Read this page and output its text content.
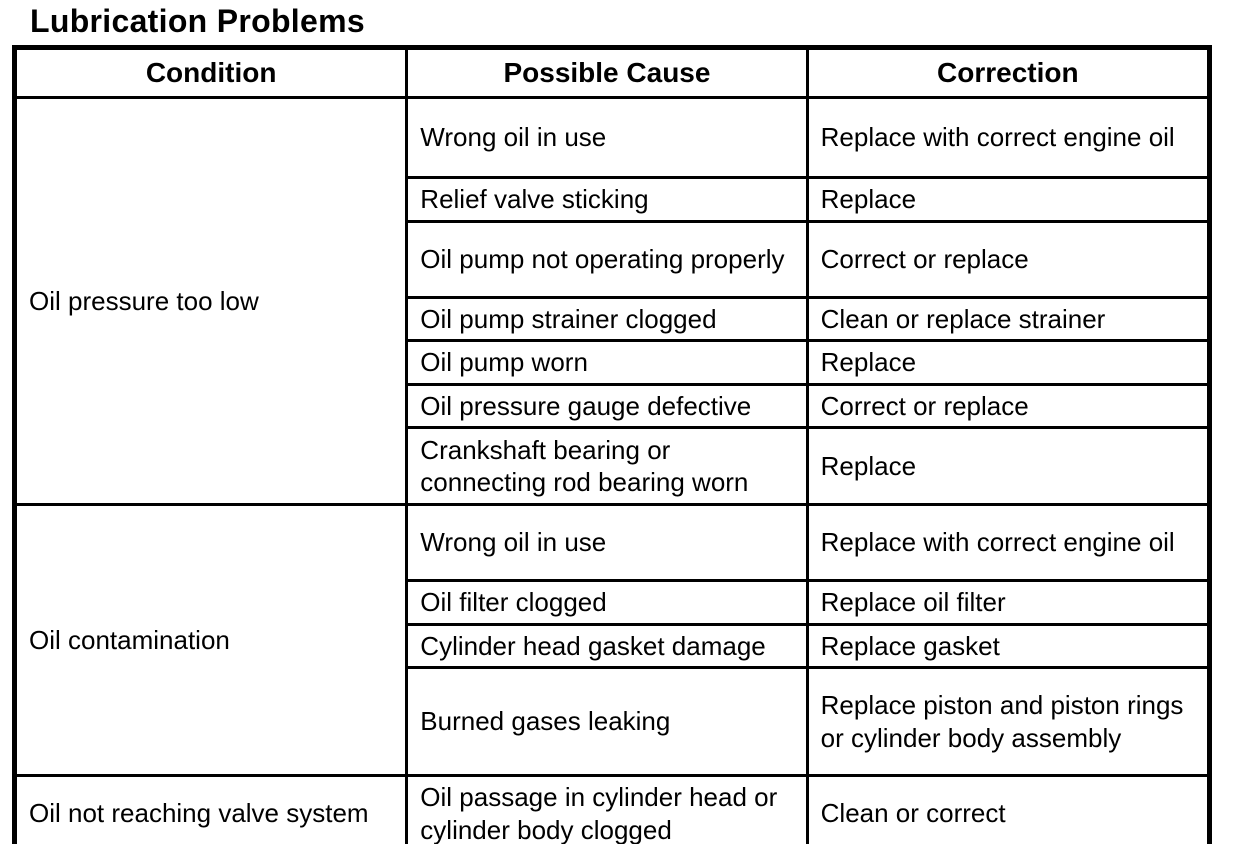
Lubrication Problems
Condition	Possible Cause	Correction
Oil pressure too low	Wrong oil in use	Replace with correct engine oil
	Relief valve sticking	Replace
	Oil pump not operating properly	Correct or replace
	Oil pump strainer clogged	Clean or replace strainer
	Oil pump worn	Replace
	Oil pressure gauge defective	Correct or replace
	Crankshaft bearing or connecting rod bearing worn	Replace
Oil contamination	Wrong oil in use	Replace with correct engine oil
	Oil filter clogged	Replace oil filter
	Cylinder head gasket damage	Replace gasket
	Burned gases leaking	Replace piston and piston rings or cylinder body assembly
Oil not reaching valve system	Oil passage in cylinder head or cylinder body clogged	Clean or correct
